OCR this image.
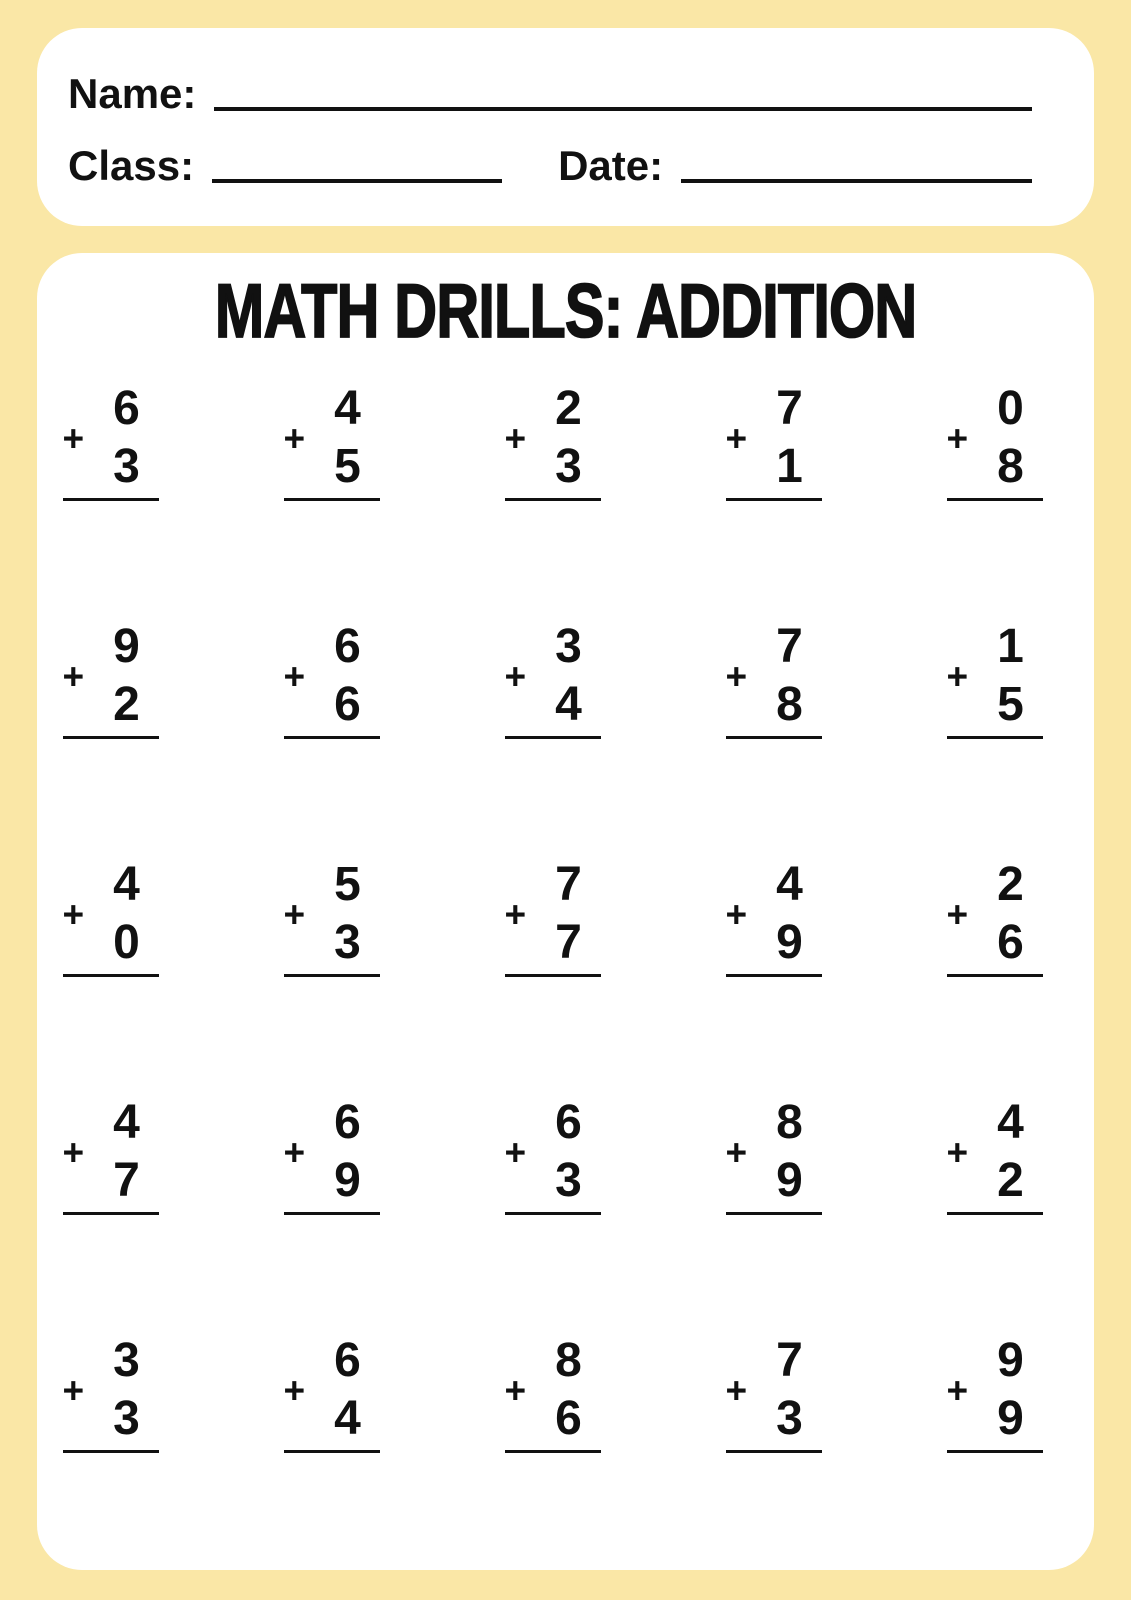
Name:
Class:	Date:
MATH DRILLS: ADDITION
+
6
3
+
4
5
+
2
3
+
7
1
+
0
8
+
9
2
+
6
6
+
3
4
+
7
8
+
1
5
+
4
0
+
5
3
+
7
7
+
4
9
+
2
6
+
4
7
+
6
9
+
6
3
+
8
9
+
4
2
+
3
3
+
6
4
+
8
6
+
7
3
+
9
9
